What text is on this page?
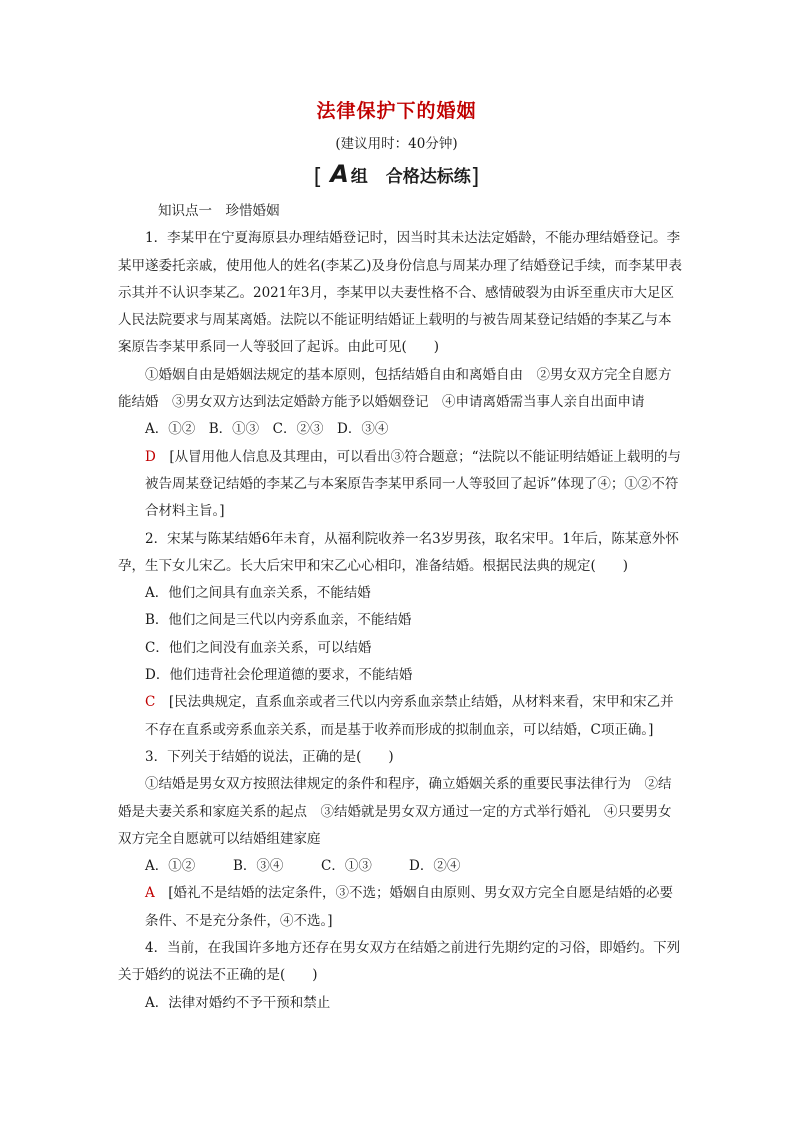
法律保护下的婚姻
(建议用时：40分钟)
[ A 组 合格达标练]

知识点一　珍惜婚姻

1．李某甲在宁夏海原县办理结婚登记时，因当时其未达法定婚龄，不能办理结婚登记。李某甲遂委托亲戚，使用他人的姓名(李某乙)及身份信息与周某办理了结婚登记手续，而李某甲表示其并不认识李某乙。2021年3月，李某甲以夫妻性格不合、感情破裂为由诉至重庆市大足区人民法院要求与周某离婚。法院以不能证明结婚证上载明的与被告周某登记结婚的李某乙与本案原告李某甲系同一人等驳回了起诉。由此可见(　　)

①婚姻自由是婚姻法规定的基本原则，包括结婚自由和离婚自由　②男女双方完全自愿方能结婚　③男女双方达到法定婚龄方能予以婚姻登记　④申请离婚需当事人亲自出面申请

A．①②　B．①③　C．②③　D．③④

D　 [从冒用他人信息及其理由，可以看出③符合题意；“法院以不能证明结婚证上载明的与被告周某登记结婚的李某乙与本案原告李某甲系同一人等驳回了起诉”体现了④；①②不符合材料主旨。]

2．宋某与陈某结婚6年未育，从福利院收养一名3岁男孩，取名宋甲。1年后，陈某意外怀孕，生下女儿宋乙。长大后宋甲和宋乙心心相印，准备结婚。根据民法典的规定(　　)

A．他们之间具有血亲关系，不能结婚

B．他们之间是三代以内旁系血亲，不能结婚

C．他们之间没有血亲关系，可以结婚

D．他们违背社会伦理道德的要求，不能结婚

C　 [民法典规定，直系血亲或者三代以内旁系血亲禁止结婚，从材料来看，宋甲和宋乙并不存在直系或旁系血亲关系，而是基于收养而形成的拟制血亲，可以结婚，C项正确。]

3．下列关于结婚的说法，正确的是(　　)

①结婚是男女双方按照法律规定的条件和程序，确立婚姻关系的重要民事法律行为　②结婚是夫妻关系和家庭关系的起点　③结婚就是男女双方通过一定的方式举行婚礼　④只要男女双方完全自愿就可以结婚组建家庭

A．①②	B．③④	C．①③	D．②④

A　 [婚礼不是结婚的法定条件，③不选；婚姻自由原则、男女双方完全自愿是结婚的必要条件、不是充分条件，④不选。]

4．当前，在我国许多地方还存在男女双方在结婚之前进行先期约定的习俗，即婚约。下列关于婚约的说法不正确的是(　　)

A．法律对婚约不予干预和禁止
